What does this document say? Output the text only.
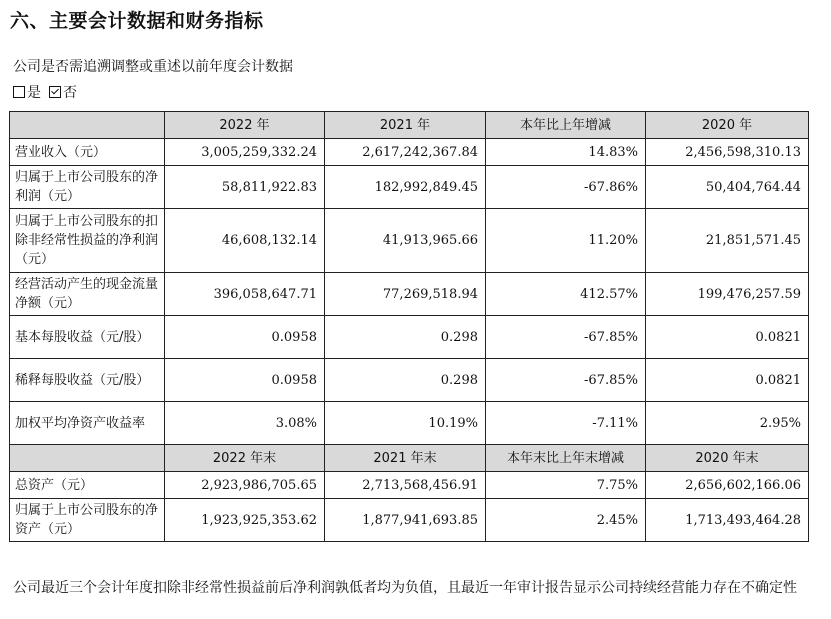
六、主要会计数据和财务指标
公司是否需追溯调整或重述以前年度会计数据
是 否
	2022 年	2021 年	本年比上年增减	2020 年
营业收入（元）	3,005,259,332.24	2,617,242,367.84	14.83%	2,456,598,310.13
归属于上市公司股东的净利润（元）	58,811,922.83	182,992,849.45	-67.86%	50,404,764.44
归属于上市公司股东的扣除非经常性损益的净利润（元）	46,608,132.14	41,913,965.66	11.20%	21,851,571.45
经营活动产生的现金流量净额（元）	396,058,647.71	77,269,518.94	412.57%	199,476,257.59
基本每股收益（元/股）	0.0958	0.298	-67.85%	0.0821
稀释每股收益（元/股）	0.0958	0.298	-67.85%	0.0821
加权平均净资产收益率	3.08%	10.19%	-7.11%	2.95%
	2022 年末	2021 年末	本年末比上年末增减	2020 年末
总资产（元）	2,923,986,705.65	2,713,568,456.91	7.75%	2,656,602,166.06
归属于上市公司股东的净资产（元）	1,923,925,353.62	1,877,941,693.85	2.45%	1,713,493,464.28
公司最近三个会计年度扣除非经常性损益前后净利润孰低者均为负值，且最近一年审计报告显示公司持续经营能力存在不确定性
